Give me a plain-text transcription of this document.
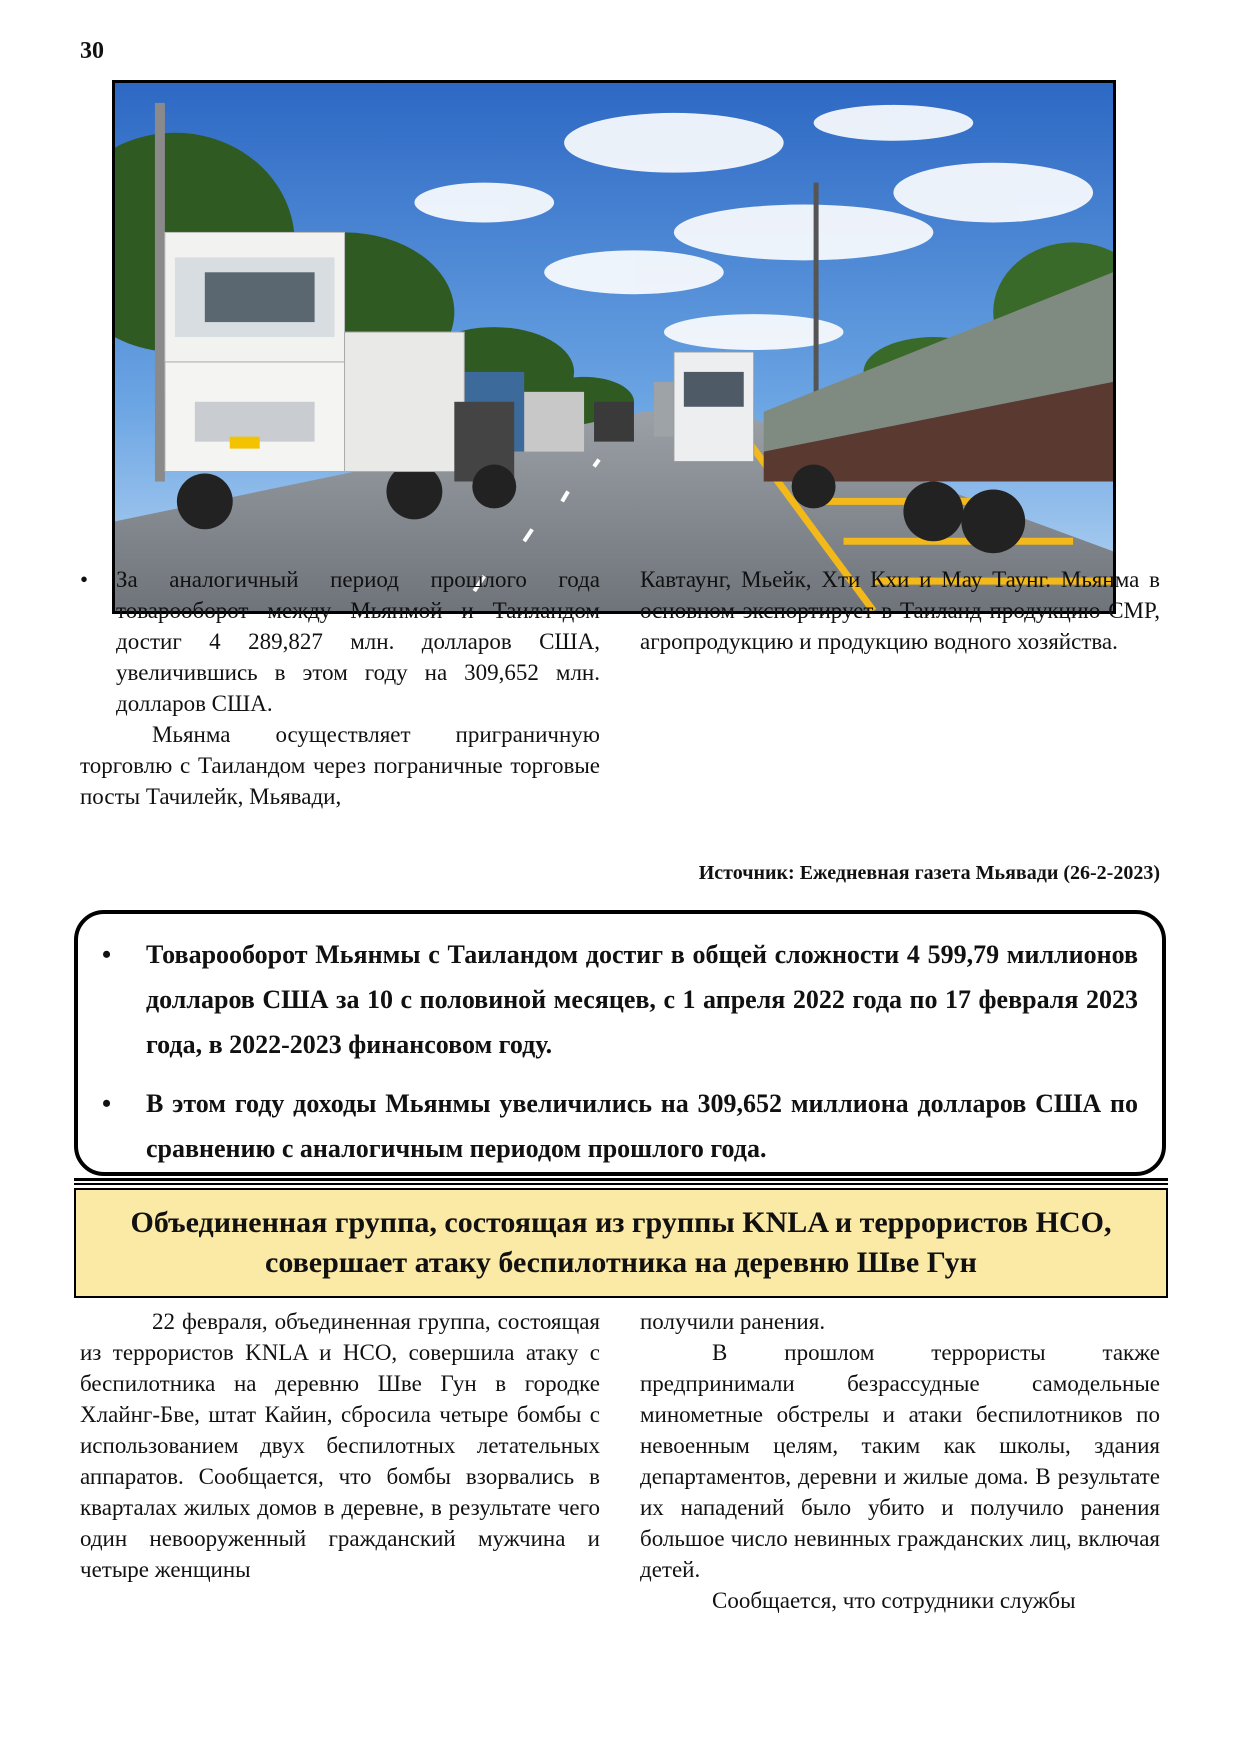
30
•	За аналогичный период прошлого года товарооборот между Мьянмой и Таиландом достиг 4 289,827 млн. долларов США, увеличившись в этом году на 309,652 млн. долларов США.
Мьянма осуществляет приграничную торговлю с Таиландом через пограничные торговые посты Тачилейк, Мьявади,
Кавтаунг, Мьейк, Хти Кхи и Мау Таунг. Мьянма в основном экспортирует в Таиланд продукцию CMP, агропродукцию и продукцию водного хозяйства.
Источник: Ежедневная газета Мьявади (26-2-2023)
•	Товарооборот Мьянмы с Таиландом достиг в общей сложности 4 599,79 миллионов долларов США за 10 с половиной месяцев, с 1 апреля 2022 года по 17 февраля 2023 года, в 2022-2023 финансовом году.
•	В этом году доходы Мьянмы увеличились на 309,652 миллиона долларов США по сравнению с аналогичным периодом прошлого года.
Объединенная группа, состоящая из группы KNLA и террористов НСО,
совершает атаку беспилотника на деревню Шве Гун
22 февраля, объединенная группа, состоящая из террористов KNLA и НСО, совершила атаку с беспилотника на деревню Шве Гун в городке Хлайнг-Бве, штат Кайин, сбросила четыре бомбы с использованием двух беспилотных летательных аппаратов. Сообщается, что бомбы взорвались в кварталах жилых домов в деревне, в результате чего один невооруженный гражданский мужчина и четыре женщины
получили ранения.
В прошлом террористы также предпринимали безрассудные самодельные минометные обстрелы и атаки беспилотников по невоенным целям, таким как школы, здания департаментов, деревни и жилые дома. В результате их нападений было убито и получило ранения большое число невинных гражданских лиц, включая детей.
Сообщается, что сотрудники службы
